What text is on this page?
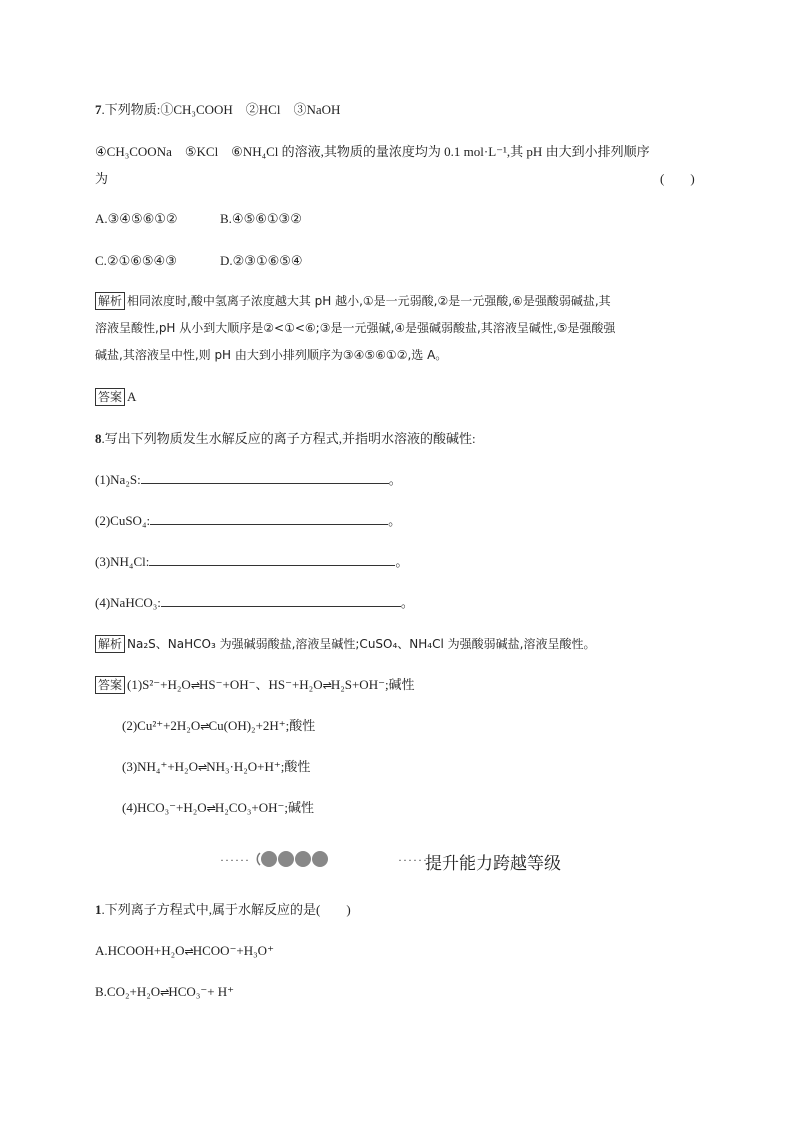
7.下列物质:①CH₃COOH　②HCl　③NaOH
④CH₃COONa　⑤KCl　⑥NH₄Cl 的溶液,其物质的量浓度均为 0.1 mol·L⁻¹,其 pH 由大到小排列顺序
为	(　　)
A.③④⑤⑥①②	B.④⑤⑥①③②
C.②①⑥⑤④③	D.②③①⑥⑤④
解析 相同浓度时,酸中氢离子浓度越大其 pH 越小,①是一元弱酸,②是一元强酸,⑥是强酸弱碱盐,其
溶液呈酸性,pH 从小到大顺序是②<①<⑥;③是一元强碱,④是强碱弱酸盐,其溶液呈碱性,⑤是强酸强
碱盐,其溶液呈中性,则 pH 由大到小排列顺序为③④⑤⑥①②,选 A。
答案 A
8.写出下列物质发生水解反应的离子方程式,并指明水溶液的酸碱性:
(1)Na₂S:	。
(2)CuSO₄:	。
(3)NH₄Cl:	。
(4)NaHCO₃:	。
解析 Na₂S、NaHCO₃ 为强碱弱酸盐,溶液呈碱性;CuSO₄、NH₄Cl 为强酸弱碱盐,溶液呈酸性。
答案 (1)S²⁻+H₂O⇌HS⁻+OH⁻、HS⁻+H₂O⇌H₂S+OH⁻;碱性
(2)Cu²⁺+2H₂O⇌Cu(OH)₂+2H⁺;酸性
(3)NH₄⁺+H₂O⇌NH₃·H₂O+H⁺;酸性
(4)HCO₃⁻+H₂O⇌H₂CO₃+OH⁻;碱性
······	······
提升能力跨越等级
1.下列离子方程式中,属于水解反应的是(　　)
A.HCOOH+H₂O⇌HCOO⁻+H₃O⁺
B.CO₂+H₂O⇌HCO₃⁻+ H⁺
